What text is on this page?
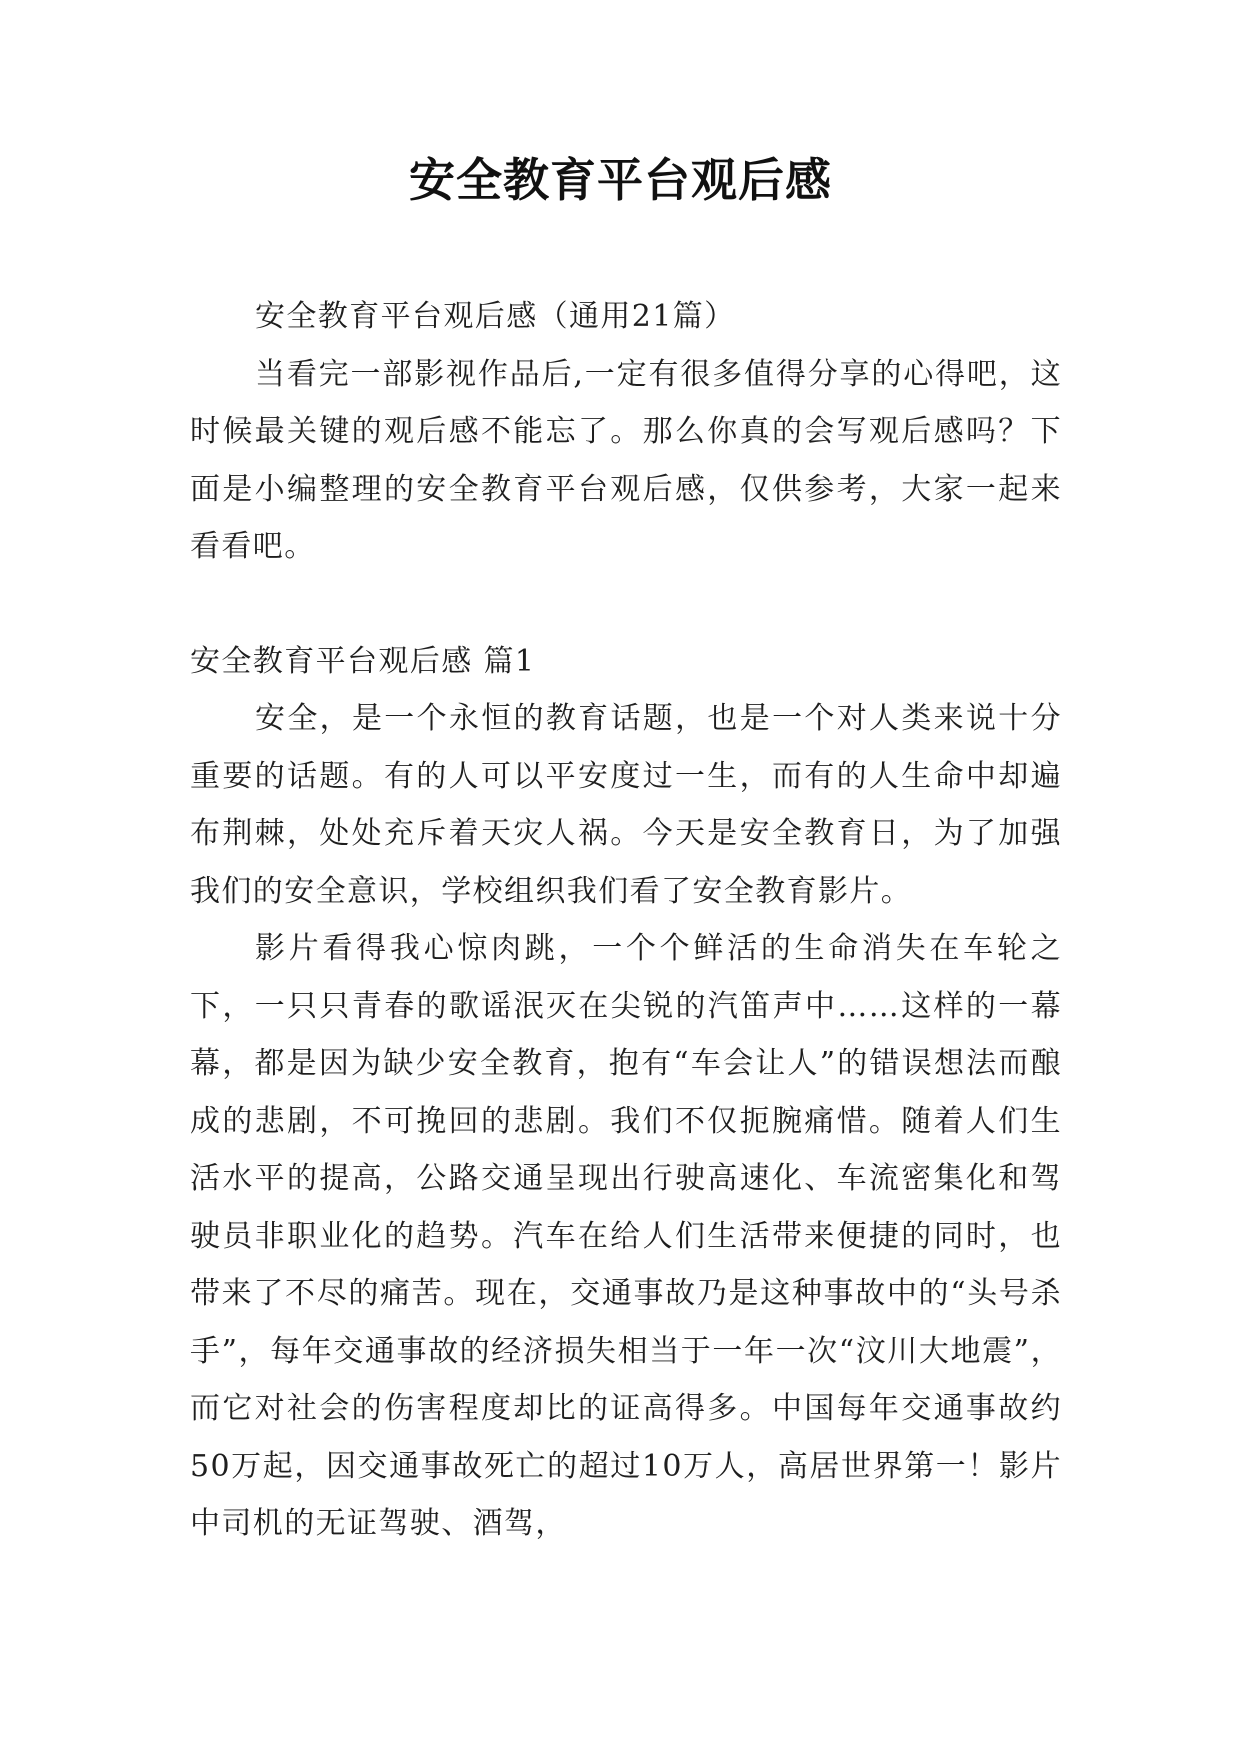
安全教育平台观后感

安全教育平台观后感（通用21篇）

当看完一部影视作品后,一定有很多值得分享的心得吧，这时候最关键的观后感不能忘了。那么你真的会写观后感吗？下面是小编整理的安全教育平台观后感，仅供参考，大家一起来看看吧。

安全教育平台观后感 篇1

安全，是一个永恒的教育话题，也是一个对人类来说十分重要的话题。有的人可以平安度过一生，而有的人生命中却遍布荆棘，处处充斥着天灾人祸。今天是安全教育日，为了加强我们的安全意识，学校组织我们看了安全教育影片。

影片看得我心惊肉跳，一个个鲜活的生命消失在车轮之下，一只只青春的歌谣泯灭在尖锐的汽笛声中……这样的一幕幕，都是因为缺少安全教育，抱有“车会让人”的错误想法而酿成的悲剧，不可挽回的悲剧。我们不仅扼腕痛惜。随着人们生活水平的提高，公路交通呈现出行驶高速化、车流密集化和驾驶员非职业化的趋势。汽车在给人们生活带来便捷的同时，也带来了不尽的痛苦。现在，交通事故乃是这种事故中的“头号杀手”，每年交通事故的经济损失相当于一年一次“汶川大地震”，而它对社会的伤害程度却比的证高得多。中国每年交通事故约50万起，因交通事故死亡的超过10万人，高居世界第一！影片中司机的无证驾驶、酒驾，
